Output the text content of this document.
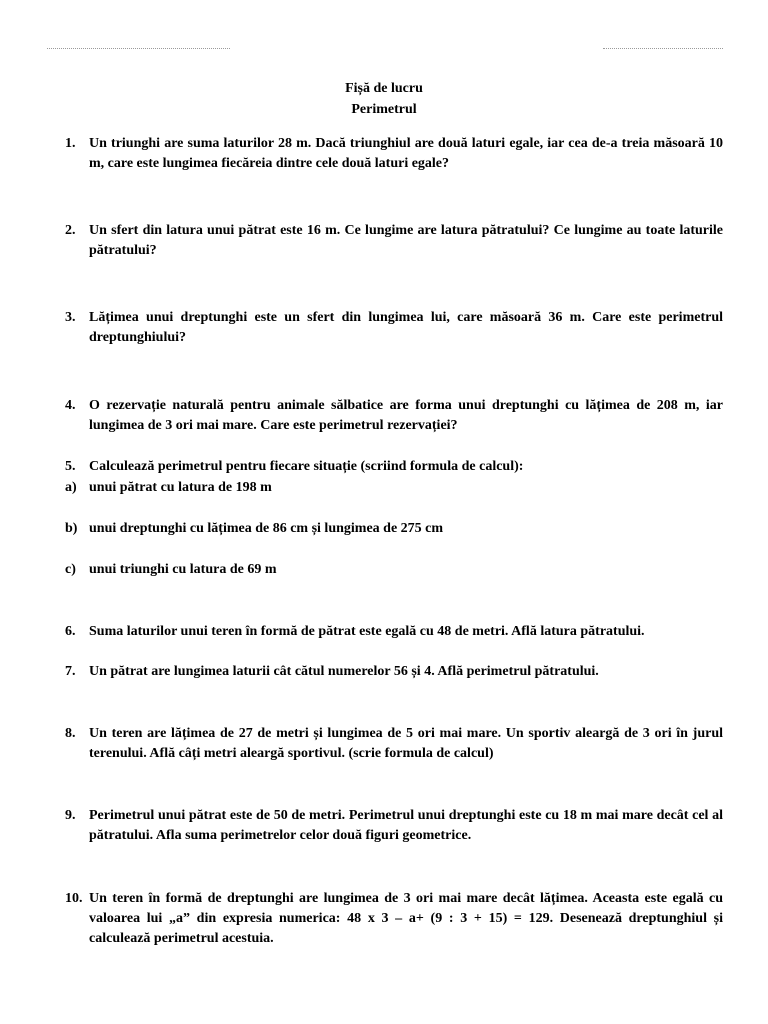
Fișă de lucru
Perimetrul
1. Un triunghi are suma laturilor 28 m. Dacă triunghiul are două laturi egale, iar cea de-a treia măsoară 10 m, care este lungimea fiecăreia dintre cele două laturi egale?
2. Un sfert din latura unui pătrat este 16 m. Ce lungime are latura pătratului? Ce lungime au toate laturile pătratului?
3. Lățimea unui dreptunghi este un sfert din lungimea lui, care măsoară 36 m. Care este perimetrul dreptunghiului?
4. O rezervație naturală pentru animale sălbatice are forma unui dreptunghi cu lățimea de 208 m, iar lungimea de 3 ori mai mare. Care este perimetrul rezervației?
5. Calculează perimetrul pentru fiecare situație (scriind formula de calcul):
a) unui pătrat cu latura de 198 m
b) unui dreptunghi cu lățimea de 86 cm și lungimea de 275 cm
c) unui triunghi cu latura de 69 m
6. Suma laturilor unui teren în formă de pătrat este egală cu 48 de metri. Află latura pătratului.
7. Un pătrat are lungimea laturii cât cătul numerelor 56 și 4. Află perimetrul pătratului.
8. Un teren are lățimea de 27 de metri și lungimea de 5 ori mai mare. Un sportiv aleargă de 3 ori în jurul terenului. Află câți metri aleargă sportivul. (scrie formula de calcul)
9. Perimetrul unui pătrat este de 50 de metri. Perimetrul unui dreptunghi este cu 18 m mai mare decât cel al pătratului. Afla suma perimetrelor celor două figuri geometrice.
10. Un teren în formă de dreptunghi are lungimea de 3 ori mai mare decât lățimea. Aceasta este egală cu valoarea lui „a” din expresia numerica: 48 x 3 – a+ (9 : 3 + 15) = 129. Desenează dreptunghiul și calculează perimetrul acestuia.
